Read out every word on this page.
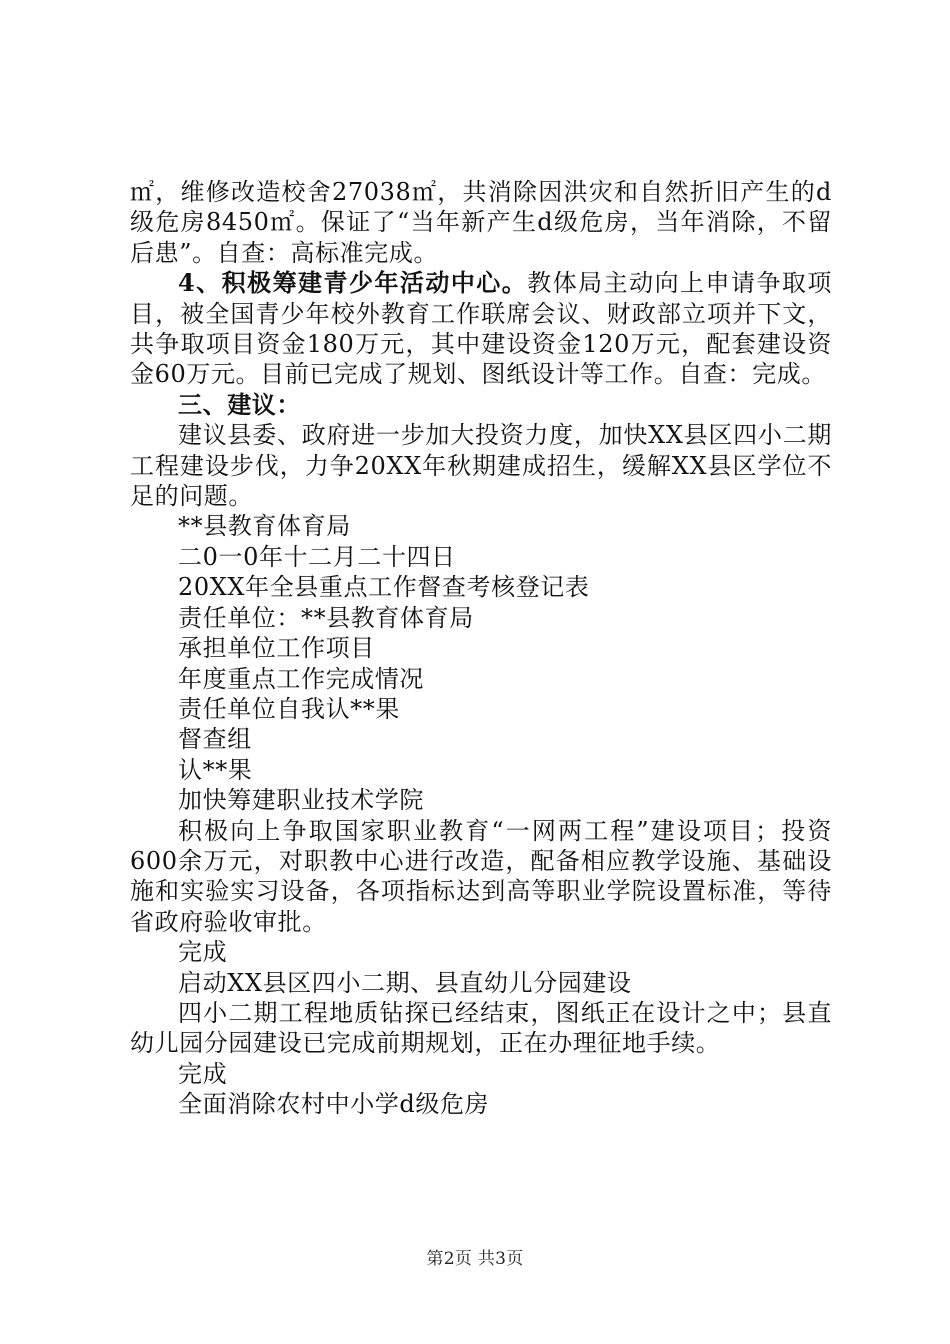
㎡，维修改造校舍27038㎡，共消除因洪灾和自然折旧产生的d级危房8450㎡。保证了“当年新产生d级危房，当年消除，不留后患”。自查：高标准完成。

4、积极筹建青少年活动中心。教体局主动向上申请争取项目，被全国青少年校外教育工作联席会议、财政部立项并下文，共争取项目资金180万元，其中建设资金120万元，配套建设资金60万元。目前已完成了规划、图纸设计等工作。自查：完成。

三、建议：

建议县委、政府进一步加大投资力度，加快XX县区四小二期工程建设步伐，力争20XX年秋期建成招生，缓解XX县区学位不足的问题。

**县教育体育局

二0一0年十二月二十四日

20XX年全县重点工作督查考核登记表

责任单位：**县教育体育局

承担单位工作项目

年度重点工作完成情况

责任单位自我认**果

督查组

认**果

加快筹建职业技术学院

积极向上争取国家职业教育“一网两工程”建设项目；投资600余万元，对职教中心进行改造，配备相应教学设施、基础设施和实验实习设备，各项指标达到高等职业学院设置标准，等待省政府验收审批。

完成

启动XX县区四小二期、县直幼儿分园建设

四小二期工程地质钻探已经结束，图纸正在设计之中；县直幼儿园分园建设已完成前期规划，正在办理征地手续。

完成

全面消除农村中小学d级危房

第2页 共3页
